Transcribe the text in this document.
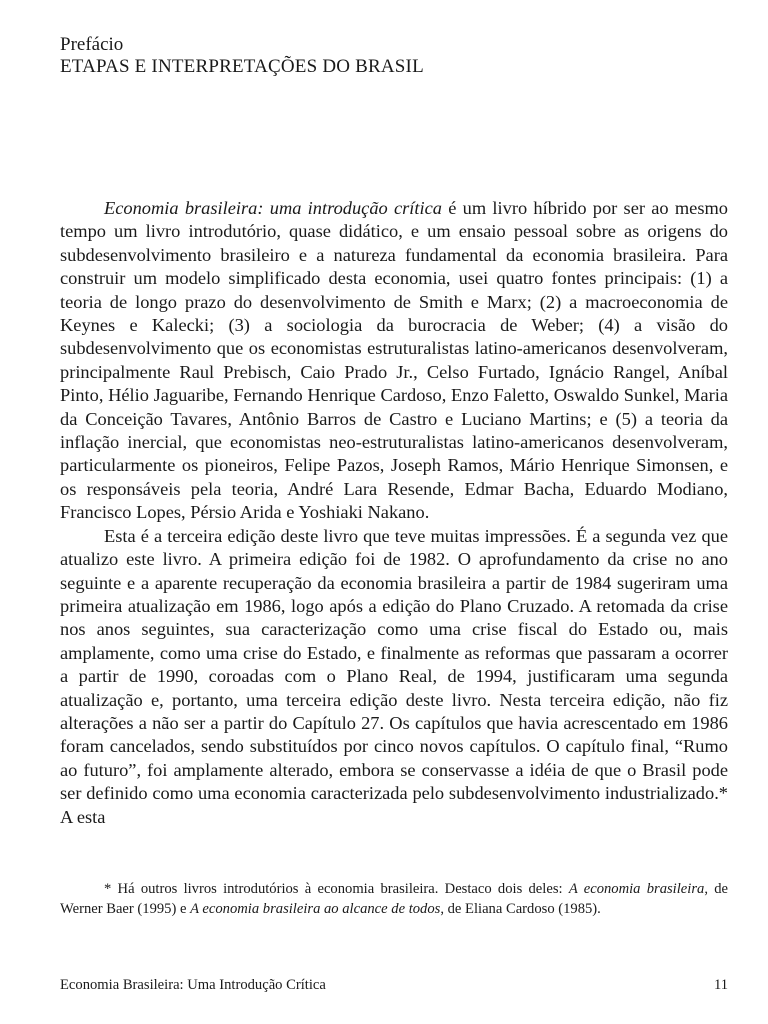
Prefácio
ETAPAS E INTERPRETAÇÕES DO BRASIL

Economia brasileira: uma introdução crítica é um livro híbrido por ser ao mesmo tempo um livro introdutório, quase didático, e um ensaio pessoal sobre as origens do subdesenvolvimento brasileiro e a natureza fundamental da economia brasileira. Para construir um modelo simplificado desta economia, usei quatro fontes principais: (1) a teoria de longo prazo do desenvolvimento de Smith e Marx; (2) a macroeconomia de Keynes e Kalecki; (3) a sociologia da burocracia de Weber; (4) a visão do subdesenvolvimento que os economistas estruturalistas latino-americanos desenvolveram, principalmente Raul Prebisch, Caio Prado Jr., Celso Furtado, Ignácio Rangel, Aníbal Pinto, Hélio Jaguaribe, Fernando Henrique Cardoso, Enzo Faletto, Oswaldo Sunkel, Maria da Conceição Tavares, Antônio Barros de Castro e Luciano Martins; e (5) a teoria da inflação inercial, que economistas neo-estruturalistas latino-americanos desenvolveram, particularmente os pioneiros, Felipe Pazos, Joseph Ramos, Mário Henrique Simonsen, e os responsáveis pela teoria, André Lara Resende, Edmar Bacha, Eduardo Modiano, Francisco Lopes, Pérsio Arida e Yoshiaki Nakano.

Esta é a terceira edição deste livro que teve muitas impressões. É a segunda vez que atualizo este livro. A primeira edição foi de 1982. O aprofundamento da crise no ano seguinte e a aparente recuperação da economia brasileira a partir de 1984 sugeriram uma primeira atualização em 1986, logo após a edição do Plano Cruzado. A retomada da crise nos anos seguintes, sua caracterização como uma crise fiscal do Estado ou, mais amplamente, como uma crise do Estado, e finalmente as reformas que passaram a ocorrer a partir de 1990, coroadas com o Plano Real, de 1994, justificaram uma segunda atualização e, portanto, uma terceira edição deste livro. Nesta terceira edição, não fiz alterações a não ser a partir do Capítulo 27. Os capítulos que havia acrescentado em 1986 foram cancelados, sendo substituídos por cinco novos capítulos. O capítulo final, “Rumo ao futuro”, foi amplamente alterado, embora se conservasse a idéia de que o Brasil pode ser definido como uma economia caracterizada pelo subdesenvolvimento industrializado.* A esta

* Há outros livros introdutórios à economia brasileira. Destaco dois deles: A economia brasileira, de Werner Baer (1995) e A economia brasileira ao alcance de todos, de Eliana Cardoso (1985).

Economia Brasileira: Uma Introdução Crítica	11
